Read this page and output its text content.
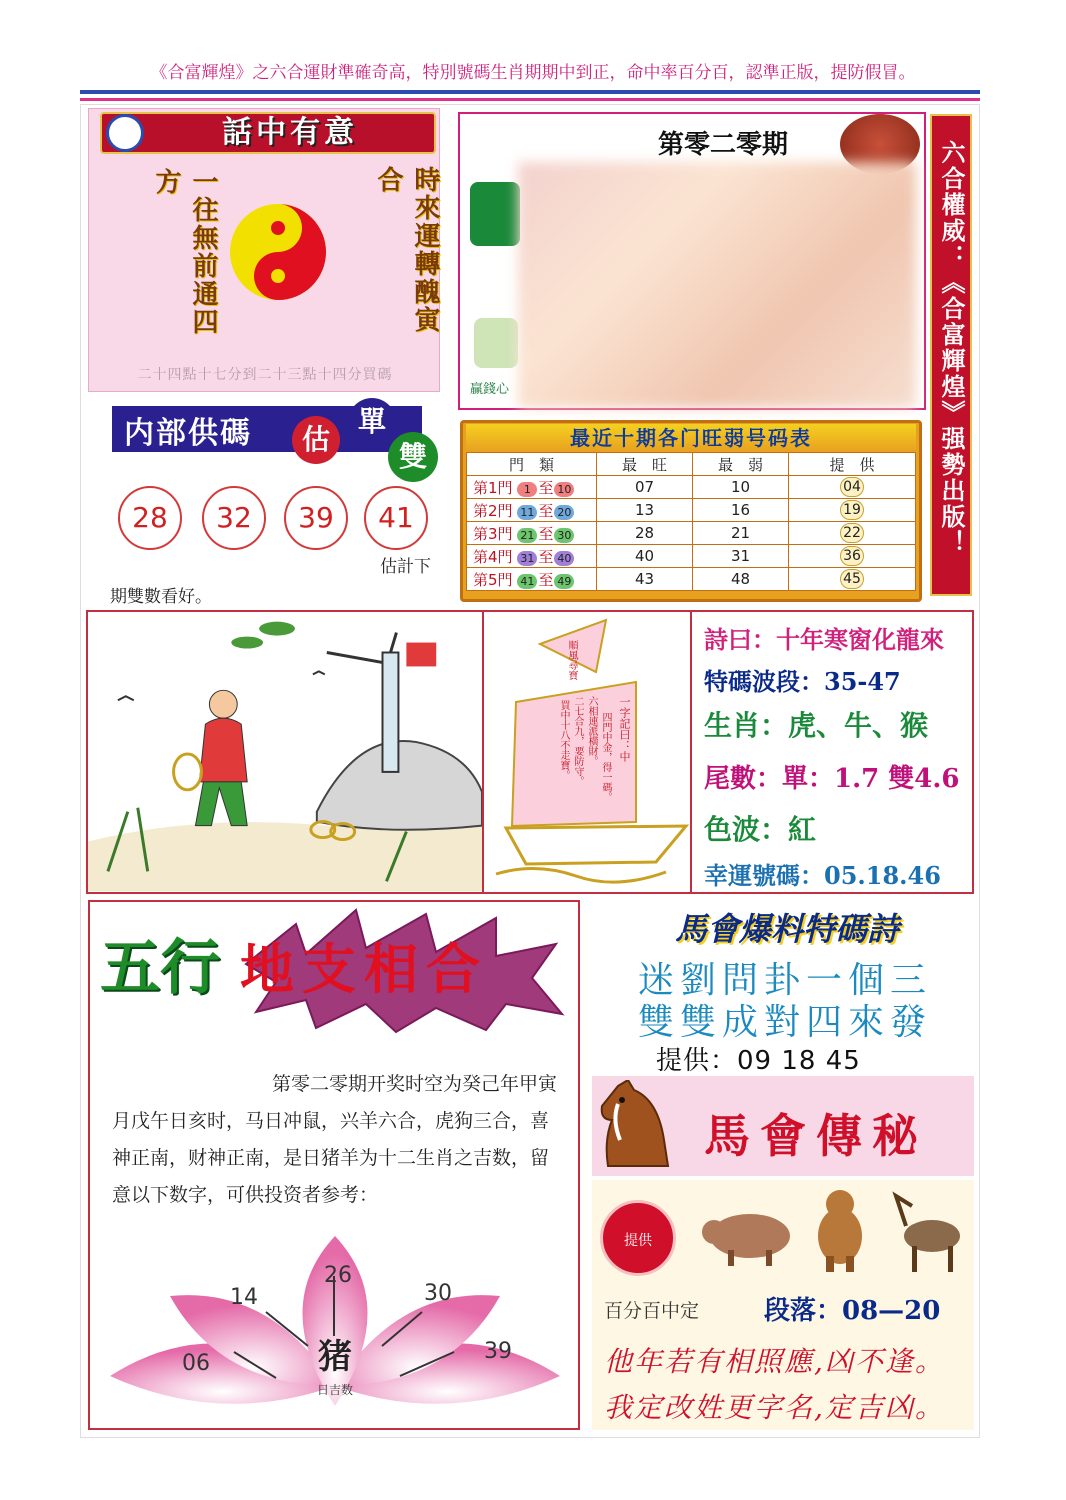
《合富輝煌》之六合運財準確奇高，特別號碼生肖期期中到正，命中率百分百，認準正版，提防假冒。
話中有意
一往無前通四方	時來運轉醜寅合
二十四點十七分到二十三點十四分買碼
贏錢心
第零二零期	六合權威：《合富輝煌》强勢出版！
内部供碼	估
單
雙
28	32	39	41
估計下
期雙數看好。
最近十期各门旺弱号码表
門　類	最　旺	最　弱	提　供
第1門 1 至 10	07	10	04
第2門 11 至 20	13	16	19
第3門 21 至 30	28	21	22
第4門 31 至 40	40	31	36
第5門 41 至 49	43	48	45
順風尋寶
一字記曰：中
四門中金，得一碼。
六相連派橫財。
二七合九，要防守。
買中十八不走寶。
詩曰：十年寒窗化龍來
特碼波段：35-47
生肖：虎、牛、猴
尾數：單：1.7 雙4.6
色波：紅
幸運號碼：05.18.46
五行 地支相合
第零二零期开奖时空为癸己年甲寅月戊午日亥时，马日冲鼠，兴羊六合，虎狗三合，喜神正南，财神正南，是日猪羊为十二生肖之吉数，留意以下数字，可供投资者参考：
猪
日吉数
06
14
26
30
39
馬會爆料特碼詩
迷劉問卦一個三
雙雙成對四來發
提供：09 18 45
馬會傳秘
提供
百分百中定 段落：08—20
他年若有相照應,凶不逢。
我定改姓更字名,定吉凶。
